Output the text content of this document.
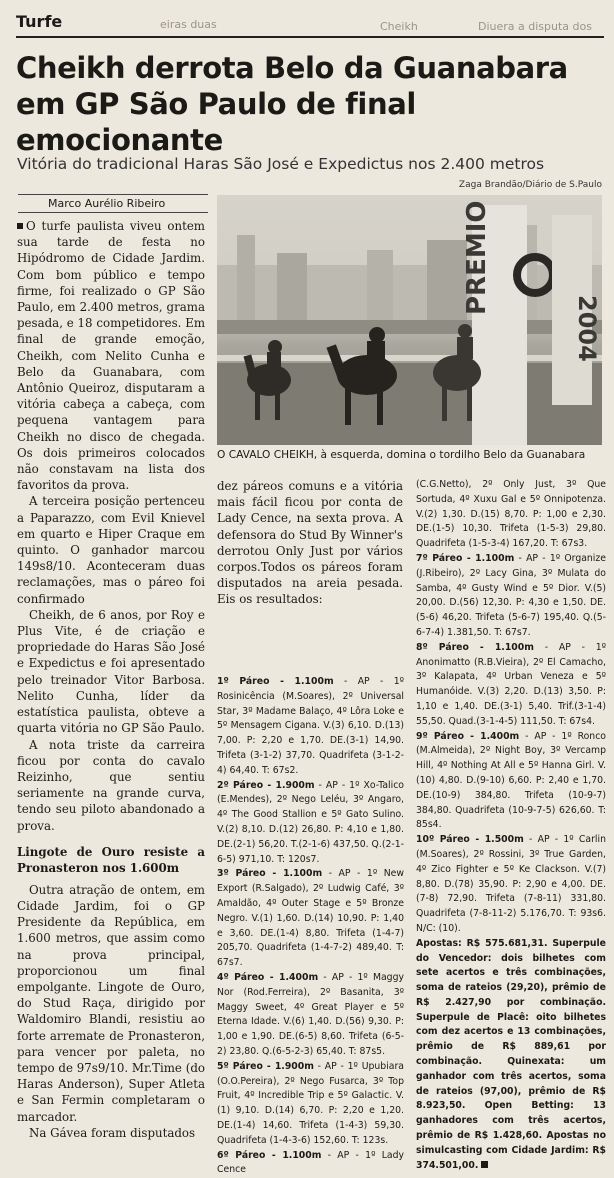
Turfe	eiras duas	Cheikh	Diuera a disputa dos
Cheikh derrota Belo da Guanabara em GP São Paulo de final emocionante
Vitória do tradicional Haras São José e Expedictus nos 2.400 metros
Zaga Brandão/Diário de S.Paulo
Marco Aurélio Ribeiro	PREMIO
2004
O CAVALO CHEIKH, à esquerda, domina o tordilho Belo da Guanabara

O turfe paulista viveu ontem sua tarde de festa no Hipódromo de Cidade Jardim. Com bom público e tempo firme, foi realizado o GP São Paulo, em 2.400 metros, grama pesada, e 18 competidores. Em final de grande emoção, Cheikh, com Nelito Cunha e Belo da Guanabara, com Antônio Queiroz, disputaram a vitória cabeça a cabeça, com pequena vantagem para Cheikh no disco de chegada. Os dois primeiros colocados não constavam na lista dos favoritos da prova.

A terceira posição pertenceu a Paparazzo, com Evil Knievel em quarto e Hiper Craque em quinto. O ganhador marcou 149s8/10. Aconteceram duas reclamações, mas o páreo foi confirmado

Cheikh, de 6 anos, por Roy e Plus Vite, é de criação e propriedade do Haras São José e Expedictus e foi apresentado pelo treinador Vitor Barbosa. Nelito Cunha, líder da estatística paulista, obteve a quarta vitória no GP São Paulo.

A nota triste da carreira ficou por conta do cavalo Reizinho, que sentiu seriamente na grande curva, tendo seu piloto abandonado a prova.

Lingote de Ouro resiste a Pronasteron nos 1.600m

Outra atração de ontem, em Cidade Jardim, foi o GP Presidente da República, em 1.600 metros, que assim como na prova principal, proporcionou um final empolgante. Lingote de Ouro, do Stud Raça, dirigido por Waldomiro Blandi, resistiu ao forte arremate de Pronasteron, para vencer por paleta, no tempo de 97s9/10. Mr.Time (do Haras Anderson), Super Atleta e San Fermin completaram o marcador.

Na Gávea foram disputados

dez páreos comuns e a vitória mais fácil ficou por conta de Lady Cence, na sexta prova. A defensora do Stud By Winner's derrotou Only Just por vários corpos.Todos os páreos foram disputados na areia pesada. Eis os resultados:

1º Páreo - 1.100m - AP - 1º Rosinicência (M.Soares), 2º Universal Star, 3º Madame Balaço, 4º Lôra Loke e 5º Mensagem Cigana. V.(3) 6,10. D.(13) 7,00. P: 2,20 e 1,70. DE.(3-1) 14,90. Trifeta (3-1-2) 37,70. Quadrifeta (3-1-2-4) 64,40. T: 67s2.

2º Páreo - 1.900m - AP - 1º Xo-Talico (E.Mendes), 2º Nego Leléu, 3º Angaro, 4º The Good Stallion e 5º Gato Sulino. V.(2) 8,10. D.(12) 26,80. P: 4,10 e 1,80. DE.(2-1) 56,20. T.(2-1-6) 437,50. Q.(2-1-6-5) 971,10. T: 120s7.

3º Páreo - 1.100m - AP - 1º New Export (R.Salgado), 2º Ludwig Café, 3º Amaldão, 4º Outer Stage e 5º Bronze Negro. V.(1) 1,60. D.(14) 10,90. P: 1,40 e 3,60. DE.(1-4) 8,80. Trifeta (1-4-7) 205,70. Quadrifeta (1-4-7-2) 489,40. T: 67s7.

4º Páreo - 1.400m - AP - 1º Maggy Nor (Rod.Ferreira), 2º Basanita, 3º Maggy Sweet, 4º Great Player e 5º Eterna Idade. V.(6) 1,40. D.(56) 9,30. P: 1,00 e 1,90. DE.(6-5) 8,60. Trifeta (6-5-2) 23,80. Q.(6-5-2-3) 65,40. T: 87s5.

5º Páreo - 1.900m - AP - 1º Upubiara (O.O.Pereira), 2º Nego Fusarca, 3º Top Fruit, 4º Incredible Trip e 5º Galactic. V.(1) 9,10. D.(14) 6,70. P: 2,20 e 1,20. DE.(1-4) 14,60. Trifeta (1-4-3) 59,30. Quadrifeta (1-4-3-6) 152,60. T: 123s.

6º Páreo - 1.100m - AP - 1º Lady Cence

(C.G.Netto), 2º Only Just, 3º Que Sortuda, 4º Xuxu Gal e 5º Onnipotenza. V.(2) 1,30. D.(15) 8,70. P: 1,00 e 2,30. DE.(1-5) 10,30. Trifeta (1-5-3) 29,80. Quadrifeta (1-5-3-4) 167,20. T: 67s3.

7º Páreo - 1.100m - AP - 1º Organize (J.Ribeiro), 2º Lacy Gina, 3º Mulata do Samba, 4º Gusty Wind e 5º Dior. V.(5) 20,00. D.(56) 12,30. P: 4,30 e 1,50. DE.(5-6) 46,20. Trifeta (5-6-7) 195,40. Q.(5-6-7-4) 1.381,50. T: 67s7.

8º Páreo - 1.100m - AP - 1º Anonimatto (R.B.Vieira), 2º El Camacho, 3º Kalapata, 4º Urban Veneza e 5º Humanóide. V.(3) 2,20. D.(13) 3,50. P: 1,10 e 1,40. DE.(3-1) 5,40. Trif.(3-1-4) 55,50. Quad.(3-1-4-5) 111,50. T: 67s4.

9º Páreo - 1.400m - AP - 1º Ronco (M.Almeida), 2º Night Boy, 3º Vercamp Hill, 4º Nothing At All e 5º Hanna Girl. V.(10) 4,80. D.(9-10) 6,60. P: 2,40 e 1,70. DE.(10-9) 384,80. Trifeta (10-9-7) 384,80. Quadrifeta (10-9-7-5) 626,60. T: 85s4.

10º Páreo - 1.500m - AP - 1º Carlin (M.Soares), 2º Rossini, 3º True Garden, 4º Zico Fighter e 5º Ke Clackson. V.(7) 8,80. D.(78) 35,90. P: 2,90 e 4,00. DE.(7-8) 72,90. Trifeta (7-8-11) 331,80. Quadrifeta (7-8-11-2) 5.176,70. T: 93s6. N/C: (10).

Apostas: R$ 575.681,31. Superpule do Vencedor: dois bilhetes com sete acertos e três combinações, soma de rateios (29,20), prêmio de R$ 2.427,90 por combinação. Superpule de Placê: oito bilhetes com dez acertos e 13 combinações, prêmio de R$ 889,61 por combinação. Quinexata: um ganhador com três acertos, soma de rateios (97,00), prêmio de R$ 8.923,50. Open Betting: 13 ganhadores com três acertos, prêmio de R$ 1.428,60. Apostas no simulcasting com Cidade Jardim: R$ 374.501,00.
